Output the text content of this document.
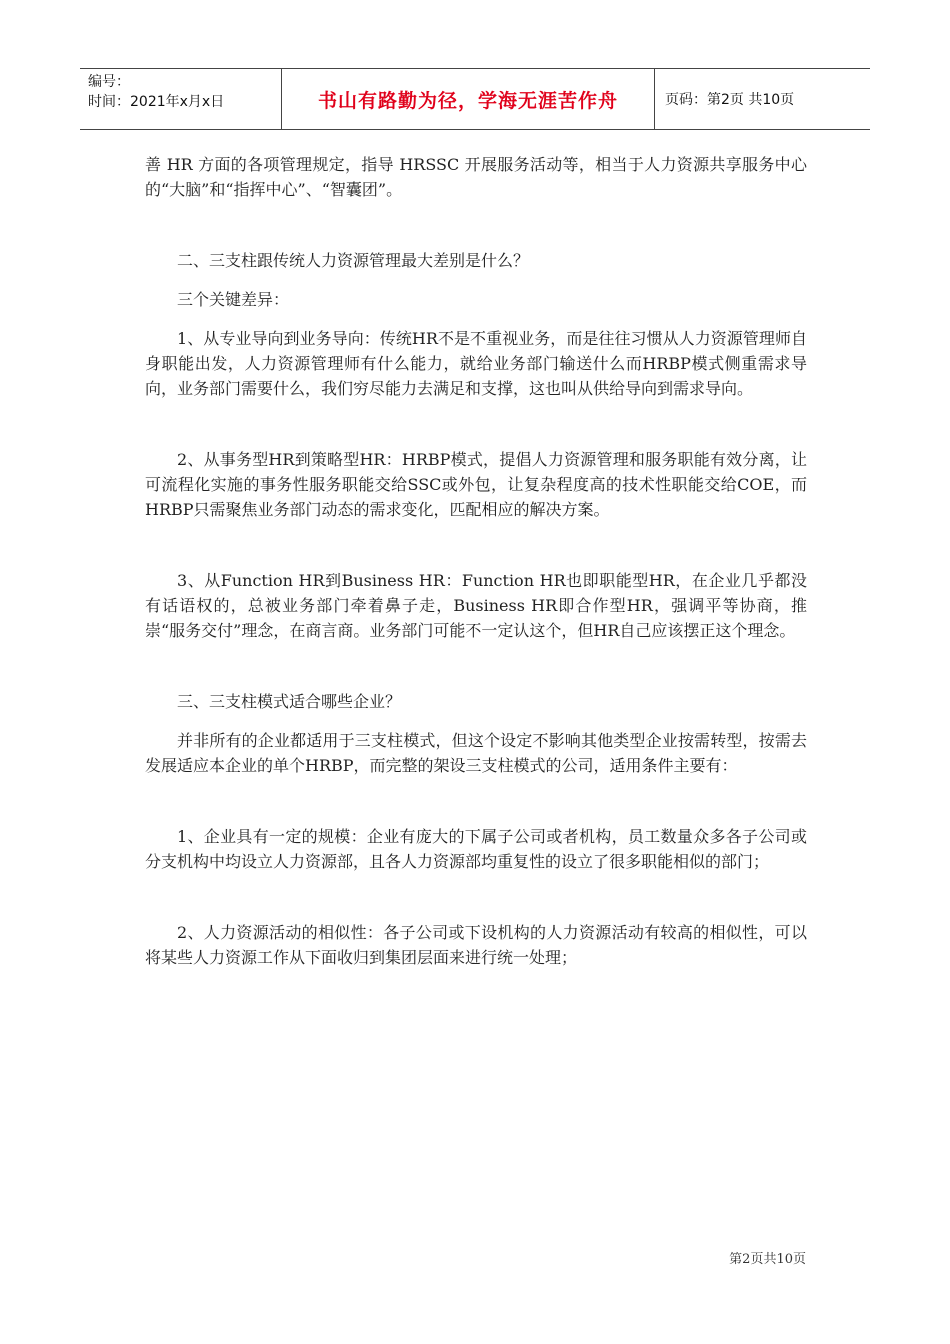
编号：
时间：2021年x月x日	书山有路勤为径，学海无涯苦作舟	页码：第2页 共10页

善 HR 方面的各项管理规定，指导 HRSSC 开展服务活动等，相当于人力资源共享服务中心的“大脑”和“指挥中心”、“智囊团”。

二、三支柱跟传统人力资源管理最大差别是什么？

三个关键差异：

1、从专业导向到业务导向：传统HR不是不重视业务，而是往往习惯从人力资源管理师自身职能出发，人力资源管理师有什么能力，就给业务部门输送什么而HRBP模式侧重需求导向，业务部门需要什么，我们穷尽能力去满足和支撑，这也叫从供给导向到需求导向。

2、从事务型HR到策略型HR：HRBP模式，提倡人力资源管理和服务职能有效分离，让可流程化实施的事务性服务职能交给SSC或外包，让复杂程度高的技术性职能交给COE，而HRBP只需聚焦业务部门动态的需求变化，匹配相应的解决方案。

3、从Function HR到Business HR：Function HR也即职能型HR，在企业几乎都没有话语权的，总被业务部门牵着鼻子走，Business HR即合作型HR，强调平等协商，推崇“服务交付”理念，在商言商。业务部门可能不一定认这个，但HR自己应该摆正这个理念。

三、三支柱模式适合哪些企业？

并非所有的企业都适用于三支柱模式，但这个设定不影响其他类型企业按需转型，按需去发展适应本企业的单个HRBP，而完整的架设三支柱模式的公司，适用条件主要有：

1、企业具有一定的规模：企业有庞大的下属子公司或者机构，员工数量众多各子公司或分支机构中均设立人力资源部，且各人力资源部均重复性的设立了很多职能相似的部门；

2、人力资源活动的相似性：各子公司或下设机构的人力资源活动有较高的相似性，可以将某些人力资源工作从下面收归到集团层面来进行统一处理；

第2页共10页
